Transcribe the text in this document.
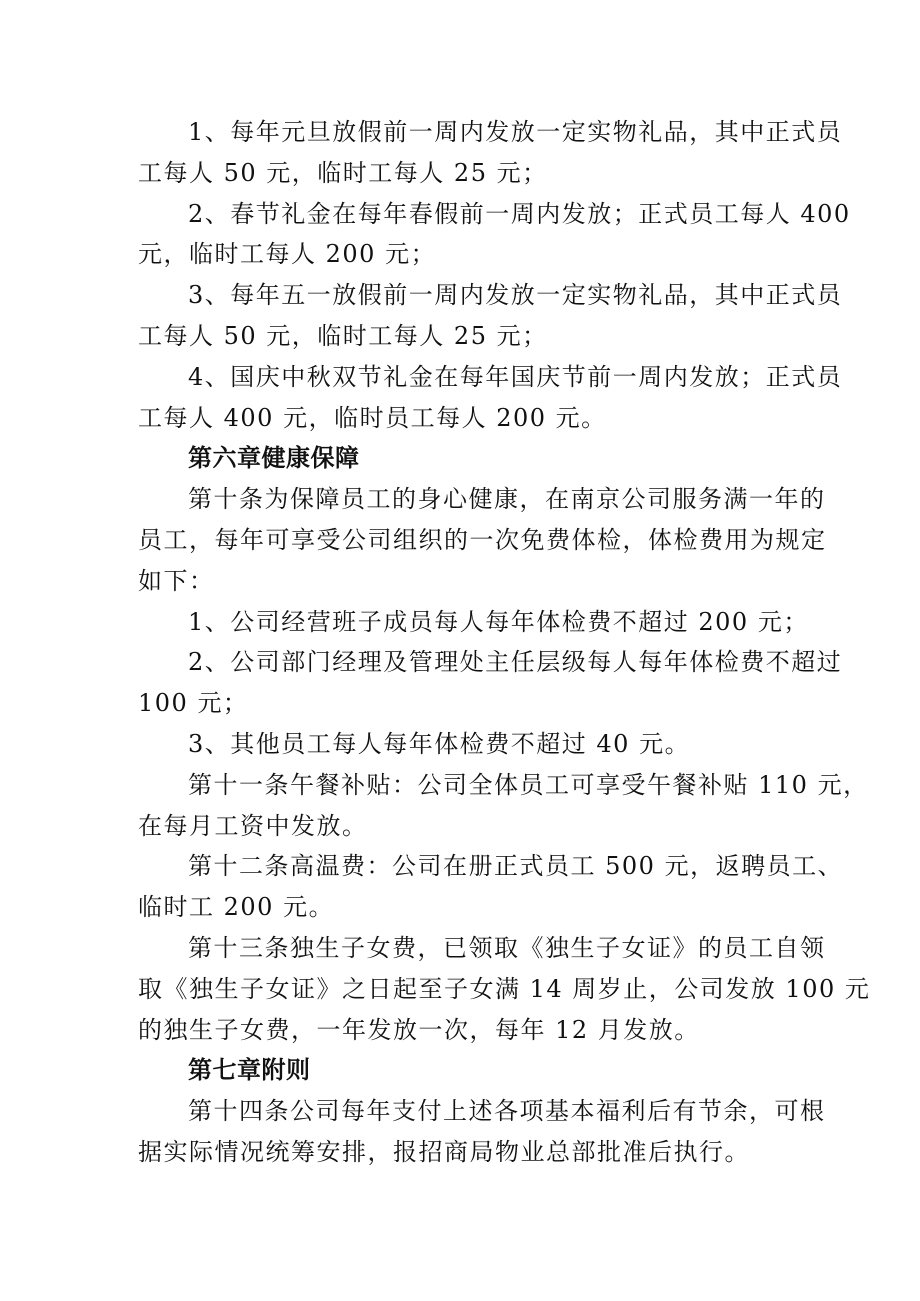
1、每年元旦放假前一周内发放一定实物礼品，其中正式员
工每人 50 元，临时工每人 25 元；
2、春节礼金在每年春假前一周内发放；正式员工每人 400
元，临时工每人 200 元；
3、每年五一放假前一周内发放一定实物礼品，其中正式员
工每人 50 元，临时工每人 25 元；
4、国庆中秋双节礼金在每年国庆节前一周内发放；正式员
工每人 400 元，临时员工每人 200 元。
第六章健康保障
第十条为保障员工的身心健康，在南京公司服务满一年的
员工，每年可享受公司组织的一次免费体检，体检费用为规定
如下：
1、公司经营班子成员每人每年体检费不超过 200 元；
2、公司部门经理及管理处主任层级每人每年体检费不超过
100 元；
3、其他员工每人每年体检费不超过 40 元。
第十一条午餐补贴：公司全体员工可享受午餐补贴 110 元，
在每月工资中发放。
第十二条高温费：公司在册正式员工 500 元，返聘员工、
临时工 200 元。
第十三条独生子女费，已领取《独生子女证》的员工自领
取《独生子女证》之日起至子女满 14 周岁止，公司发放 100 元
的独生子女费，一年发放一次，每年 12 月发放。
第七章附则
第十四条公司每年支付上述各项基本福利后有节余，可根
据实际情况统筹安排，报招商局物业总部批准后执行。
